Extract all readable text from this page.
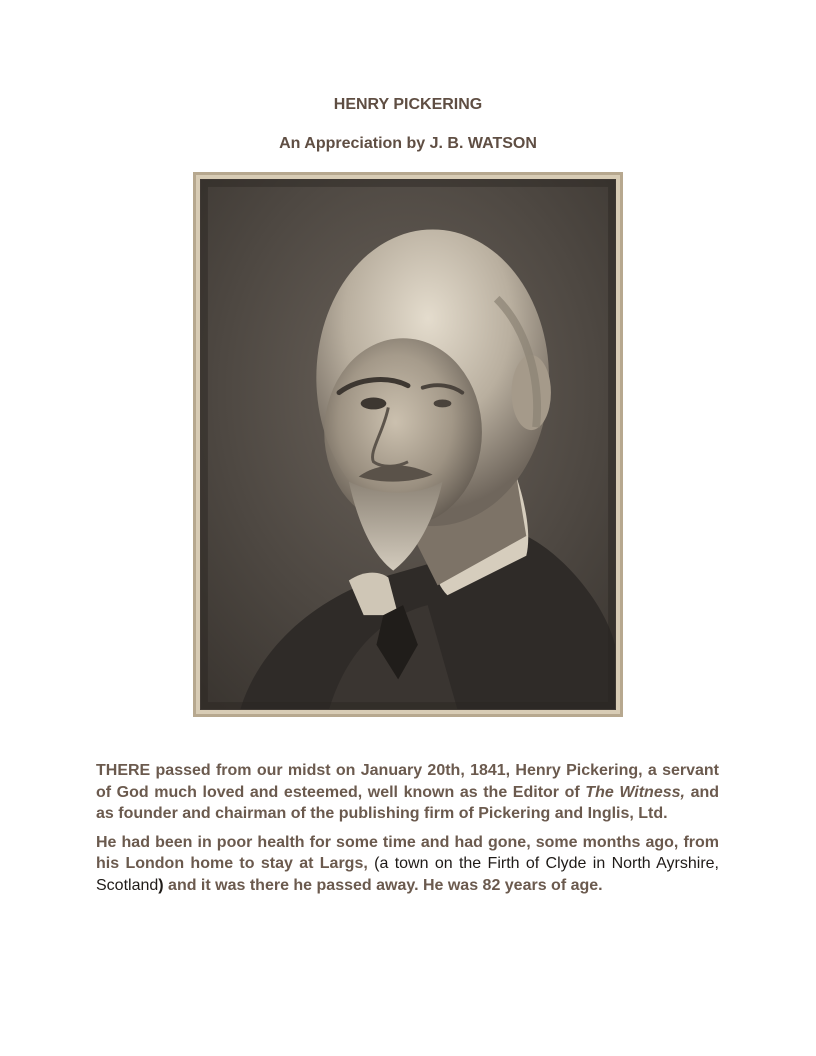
HENRY PICKERING
An Appreciation by J. B. WATSON

THERE passed from our midst on January 20th, 1841, Henry Pickering, a servant of God much loved and esteemed, well known as the Editor of The Witness, and as founder and chairman of the publishing firm of Pickering and Inglis, Ltd.

He had been in poor health for some time and had gone, some months ago, from his London home to stay at Largs, (a town on the Firth of Clyde in North Ayrshire, Scotland) and it was there he passed away. He was 82 years of age.
